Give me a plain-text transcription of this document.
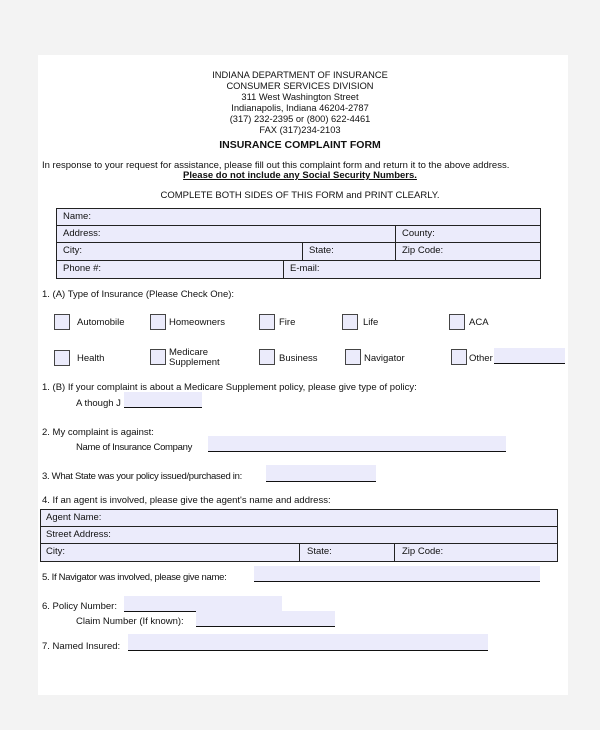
INDIANA DEPARTMENT OF INSURANCE
CONSUMER SERVICES DIVISION
311 West Washington Street
Indianapolis, Indiana 46204-2787
(317) 232-2395 or (800) 622-4461
FAX (317)234-2103
INSURANCE COMPLAINT FORM
In response to your request for assistance, please fill out this complaint form and return it to the above address.
Please do not include any Social Security Numbers.
COMPLETE BOTH SIDES OF THIS FORM and PRINT CLEARLY.
Name:
Address:	County:
City:	State:	Zip Code:
Phone #:	E-mail:
1. (A) Type of Insurance (Please Check One):
Automobile	Homeowners	Fire	Life	ACA
Health
Medicare Supplement	Business	Navigator	Other
1. (B) If your complaint is about a Medicare Supplement policy, please give type of policy:
A though J
2. My complaint is against:
Name of Insurance Company
3. What State was your policy issued/purchased in:
4. If an agent is involved, please give the agent's name and address:
Agent Name:
Street Address:
City:	State:	Zip Code:
5. If Navigator was involved, please give name:
6. Policy Number:
Claim Number (If known):
7. Named Insured:
